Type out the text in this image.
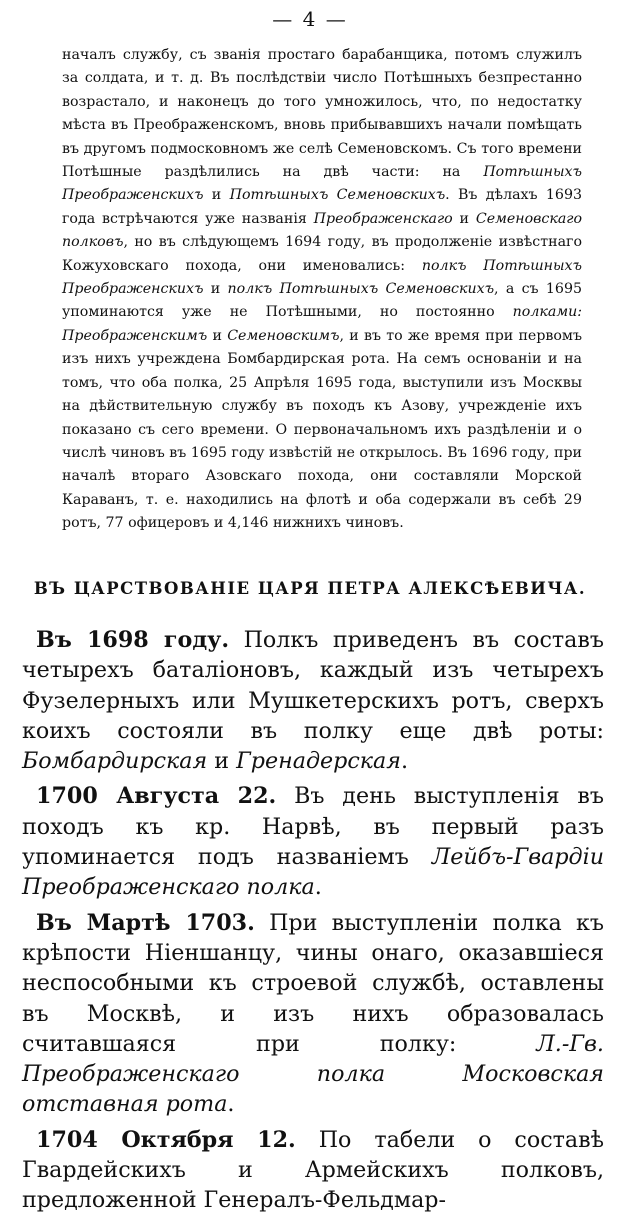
— 4 —

началъ службу, съ званія простаго барабанщика, потомъ служилъ за солдата, и т. д. Въ послѣдствіи число Потѣшныхъ безпрестанно возрастало, и наконецъ до того умножилось, что, по недостатку мѣста въ Преображенскомъ, вновь прибывавшихъ начали помѣщать въ другомъ подмосковномъ же селѣ Семеновскомъ. Съ того времени Потѣшные раздѣлились на двѣ части: на Потѣшныхъ Преображенскихъ и Потѣшныхъ Семеновскихъ. Въ дѣлахъ 1693 года встрѣчаются уже названія Преображенскаго и Семеновскаго полковъ, но въ слѣдующемъ 1694 году, въ продолженіе извѣстнаго Кожуховскаго похода, они именовались: полкъ Потѣшныхъ Преображенскихъ и полкъ Потѣшныхъ Семеновскихъ, а съ 1695 упоминаются уже не Потѣшными, но постоянно полками: Преображенскимъ и Семеновскимъ, и въ то же время при первомъ изъ нихъ учреждена Бомбардирская рота. На семъ основаніи и на томъ, что оба полка, 25 Апрѣля 1695 года, выступили изъ Москвы на дѣйствительную службу въ походъ къ Азову, учрежденіе ихъ показано съ сего времени. О первоначальномъ ихъ раздѣленіи и о числѣ чиновъ въ 1695 году извѣстій не открылось. Въ 1696 году, при началѣ втораго Азовскаго похода, они составляли Морской Караванъ, т. е. находились на флотѣ и оба содержали въ себѣ 29 ротъ, 77 офицеровъ и 4,146 нижнихъ чиновъ.

ВЪ ЦАРСТВОВАНІЕ ЦАРЯ ПЕТРА АЛЕКСѢЕВИЧА.

Въ 1698 году. Полкъ приведенъ въ составъ четырехъ баталіоновъ, каждый изъ четырехъ Фузелерныхъ или Мушкетерскихъ ротъ, сверхъ коихъ состояли въ полку еще двѣ роты: Бомбардирская и Гренадерская.

1700 Августа 22. Въ день выступленія въ походъ къ кр. Нарвѣ, въ первый разъ упоминается подъ названіемъ Лейбъ-Гвардіи Преображенскаго полка.

Въ Мартѣ 1703. При выступленіи полка къ крѣпости Ніеншанцу, чины онаго, оказавшіеся неспособными къ строевой службѣ, оставлены въ Москвѣ, и изъ нихъ образовалась считавшаяся при полку: Л.-Гв. Преображенскаго полка Московская отставная рота.

1704 Октября 12. По табели о составѣ Гвардейскихъ и Армейскихъ полковъ, предложенной Генералъ-Фельдмар-
